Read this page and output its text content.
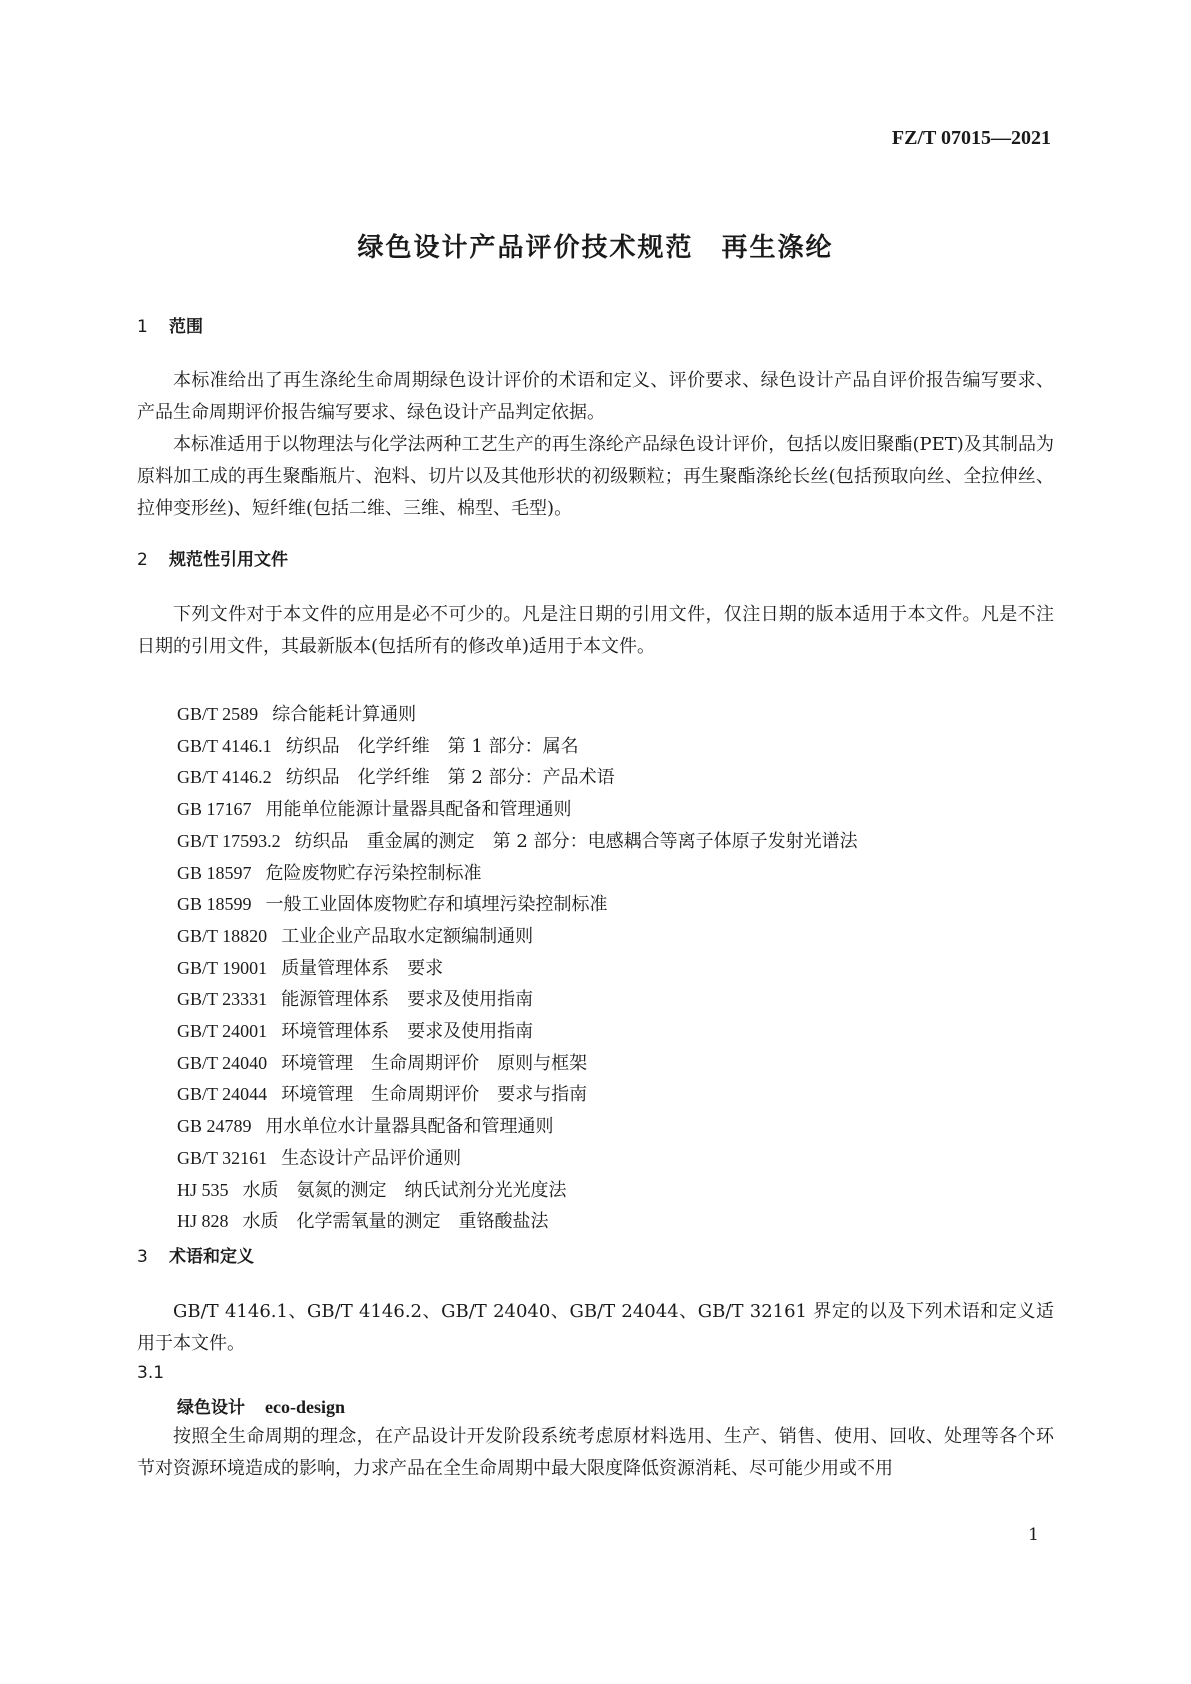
FZ/T 07015—2021
绿色设计产品评价技术规范　再生涤纶
1 范围

本标准给出了再生涤纶生命周期绿色设计评价的术语和定义、评价要求、绿色设计产品自评价报告编写要求、产品生命周期评价报告编写要求、绿色设计产品判定依据。

本标准适用于以物理法与化学法两种工艺生产的再生涤纶产品绿色设计评价，包括以废旧聚酯(PET)及其制品为原料加工成的再生聚酯瓶片、泡料、切片以及其他形状的初级颗粒；再生聚酯涤纶长丝(包括预取向丝、全拉伸丝、拉伸变形丝)、短纤维(包括二维、三维、棉型、毛型)。

2 规范性引用文件

下列文件对于本文件的应用是必不可少的。凡是注日期的引用文件，仅注日期的版本适用于本文件。凡是不注日期的引用文件，其最新版本(包括所有的修改单)适用于本文件。

GB/T 2589 综合能耗计算通则
GB/T 4146.1 纺织品　化学纤维　第 1 部分：属名
GB/T 4146.2 纺织品　化学纤维　第 2 部分：产品术语
GB 17167 用能单位能源计量器具配备和管理通则
GB/T 17593.2 纺织品　重金属的测定　第 2 部分：电感耦合等离子体原子发射光谱法
GB 18597 危险废物贮存污染控制标准
GB 18599 一般工业固体废物贮存和填埋污染控制标准
GB/T 18820 工业企业产品取水定额编制通则
GB/T 19001 质量管理体系　要求
GB/T 23331 能源管理体系　要求及使用指南
GB/T 24001 环境管理体系　要求及使用指南
GB/T 24040 环境管理　生命周期评价　原则与框架
GB/T 24044 环境管理　生命周期评价　要求与指南
GB 24789 用水单位水计量器具配备和管理通则
GB/T 32161 生态设计产品评价通则
HJ 535 水质　氨氮的测定　纳氏试剂分光光度法
HJ 828 水质　化学需氧量的测定　重铬酸盐法
3 术语和定义

GB/T 4146.1、GB/T 4146.2、GB/T 24040、GB/T 24044、GB/T 32161 界定的以及下列术语和定义适用于本文件。

3.1
绿色设计 eco-design

按照全生命周期的理念，在产品设计开发阶段系统考虑原材料选用、生产、销售、使用、回收、处理等各个环节对资源环境造成的影响，力求产品在全生命周期中最大限度降低资源消耗、尽可能少用或不用

1
